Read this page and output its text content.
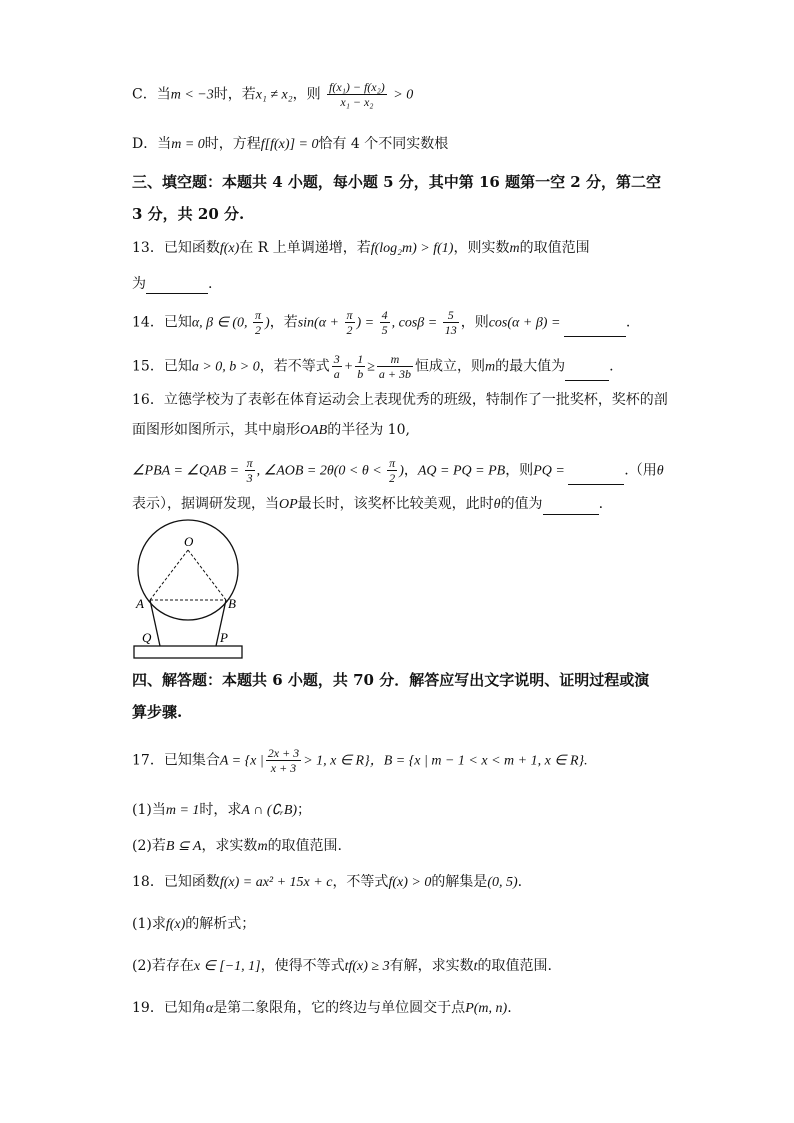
C．当m < −3时，若x₁ ≠ x₂，则 $\frac{\text{f(x₁) − f(x₂)}}{\text{x₁ − x₂}} > 0$
D．当m = 0时，方程f[f(x)] = 0恰有 4 个不同实数根
三、填空题：本题共 4 小题，每小题 5 分，其中第 16 题第一空 2 分，第二空
3 分，共 20 分.
13．已知函数f(x)在 R 上单调递增，若f(log₂m) > f(1)，则实数m的取值范围
为	.
14．已知α, β ∈ (0, $\frac{\pi}{2}$ )，若$\sin(\alpha + \frac{\pi}{2}$ ) = $\frac{4}{5}$ , $\cos\beta = \frac{5}{13}$ ，则cos(α + β) =	.
15．已知a > 0, b > 0，若不等式 $\frac{3}{a} + \frac{1}{b} \ge \frac{m}{a + 3b}$ 恒成立，则m的最大值为	.
16．立德学校为了表彰在体育运动会上表现优秀的班级，特制作了一批奖杯，奖杯的剖
面图形如图所示，其中扇形OAB的半径为 10,
∠PBA = ∠QAB = $\frac{\pi}{3}$ , ∠AOB = $2\theta(0 < \theta < \frac{\pi}{2}$ )，AQ = PQ = PB，则PQ =	.（用θ
表示），据调研发现，当OP最长时，该奖杯比较美观，此时θ的值为	.
O
A	B
Q	P
四、解答题：本题共 6 小题，共 70 分．解答应写出文字说明、证明过程或演
算步骤.
17．已知集合A = {x | $\frac{2x + 3}{x + 3} > 1$, x ∈ R}，B = {x | m − 1 < x < m + 1, x ∈ R}.
(1)当m = 1时，求A ∩ (∁ᵣB)；
(2)若B ⊆ A，求实数m的取值范围.
18．已知函数f(x) = ax² + 15x + c，不等式f(x) > 0的解集是(0, 5).
(1)求f(x)的解析式；
(2)若存在x ∈ [−1, 1]，使得不等式tf(x) ≥ 3有解，求实数t的取值范围.
19．已知角α是第二象限角，它的终边与单位圆交于点P(m, n).
